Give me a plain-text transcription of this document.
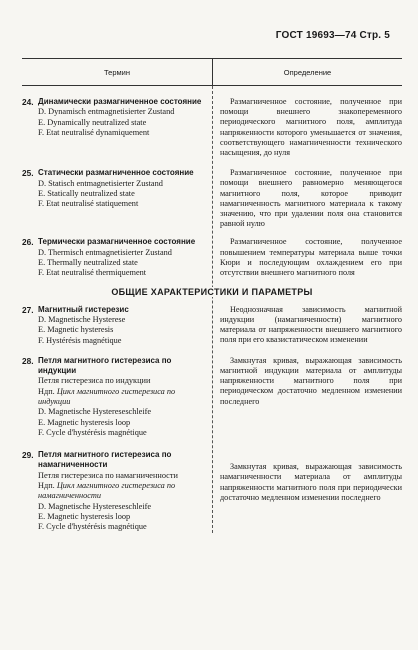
ГОСТ 19693—74 Стр. 5
Термин	Определение
24. Динамически размагниченное состояние
D. Dynamisch entmagnetisierter Zustand
E. Dynamically neutralized state
F. Etat neutralisé dynamiquement

Размагниченное состояние, полученное при помощи внешнего знакопеременного периодического магнитного поля, амплитуда напряженности которого уменьшается от значения, соответствующего намагниченности технического насыщения, до нуля

25. Статически размагниченное состояние
D. Statisch entmagnetisierter Zustand
E. Statically neutralized state
F. Etat neutralisé statiquement

Размагниченное состояние, полученное при помощи внешнего равномерно меняющегося магнитного поля, которое приводит намагниченность магнитного материала к такому значению, что при удалении поля она становится равной нулю

26. Термически размагниченное состояние
D. Thermisch entmagnetisierter Zustand
E. Thermally neutralized state
F. Etat neutralisé thermiquement

Размагниченное состояние, полученное повышением температуры материала выше точки Кюри и последующим охлаждением его при отсутствии внешнего магнитного поля

ОБЩИЕ ХАРАКТЕРИСТИКИ И ПАРАМЕТРЫ
27. Магнитный гистерезис
D. Magnetische Hysterese
E. Magnetic hysteresis
F. Hystérésis magnétique

Неоднозначная зависимость магнитной индукции (намагниченности) магнитного материала от напряженности внешнего магнитного поля при его квазистатическом изменении

28. Петля магнитного гистерезиса по индукции
Петля гистерезиса по индукции
Ндп. Цикл магнитного гистерезиса по индукции
D. Magnetische Hystereseschleife
E. Magnetic hysteresis loop
F. Cycle d'hystérésis magnétique

Замкнутая кривая, выражающая зависимость магнитной индукции материала от амплитуды напряженности магнитного поля при периодическом достаточно медленном изменении последнего

29. Петля магнитного гистерезиса по намагниченности
Петля гистерезиса по намагниченности
Ндп. Цикл магнитного гистерезиса по намагниченности
D. Magnetische Hystereseschleife
E. Magnetic hysteresis loop
F. Cycle d'hystérésis magnétique

Замкнутая кривая, выражающая зависимость намагниченности материала от амплитуды напряженности магнитного поля при периодически достаточно медленном изменении последнего
